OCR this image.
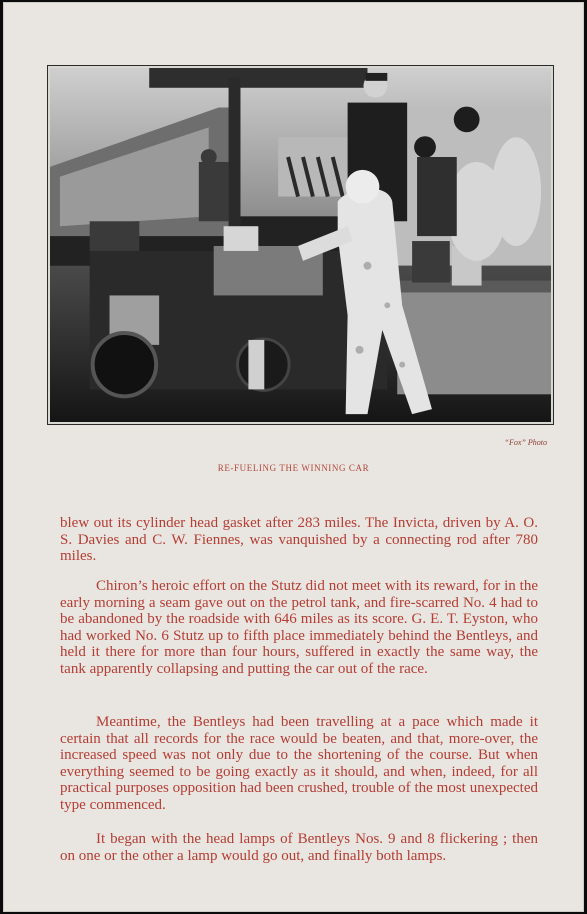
“Fox” Photo
RE-FUELING THE WINNING CAR

blew out its cylinder head gasket after 283 miles. The Invicta, driven by A. O. S. Davies and C. W. Fiennes, was vanquished by a connecting rod after 780 miles.

Chiron’s heroic effort on the Stutz did not meet with its reward, for in the early morning a seam gave out on the petrol tank, and fire-scarred No. 4 had to be abandoned by the roadside with 646 miles as its score. G. E. T. Eyston, who had worked No. 6 Stutz up to fifth place immediately behind the Bentleys, and held it there for more than four hours, suffered in exactly the same way, the tank apparently collapsing and putting the car out of the race.

Meantime, the Bentleys had been travelling at a pace which made it certain that all records for the race would be beaten, and that, more-over, the increased speed was not only due to the shortening of the course. But when everything seemed to be going exactly as it should, and when, indeed, for all practical purposes opposition had been crushed, trouble of the most unexpected type commenced.

It began with the head lamps of Bentleys Nos. 9 and 8 flickering ; then on one or the other a lamp would go out, and finally both lamps.
